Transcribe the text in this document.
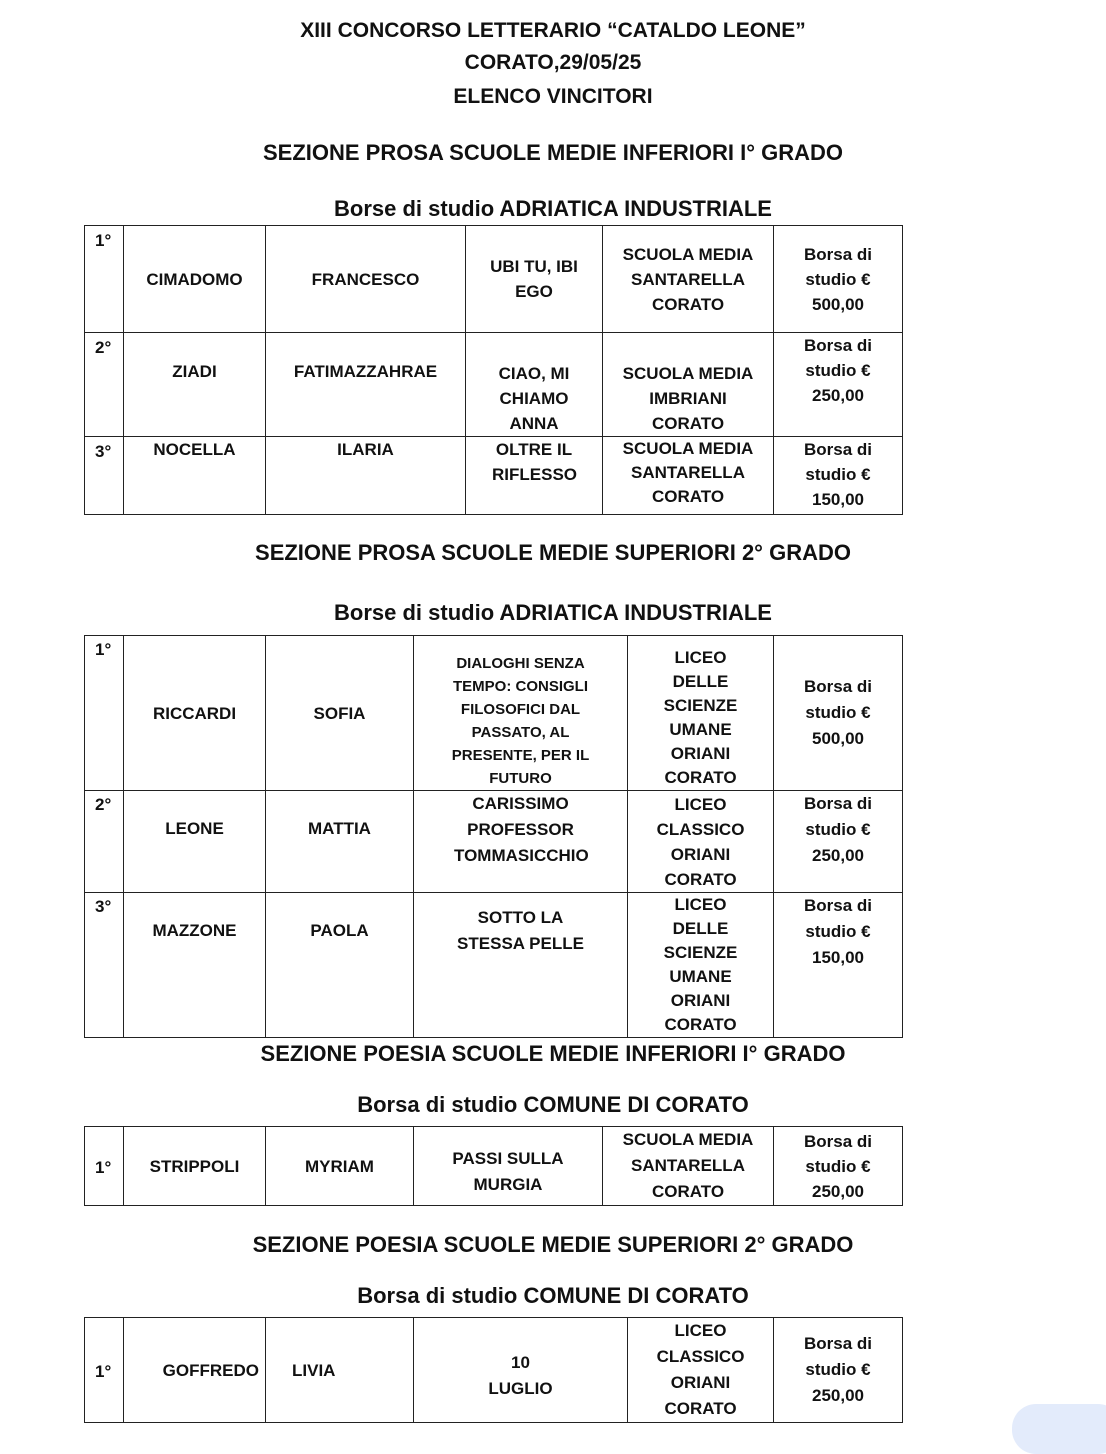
XIII CONCORSO LETTERARIO “CATALDO LEONE”
CORATO,29/05/25
ELENCO VINCITORI
SEZIONE PROSA SCUOLE MEDIE INFERIORI I° GRADO
Borse di studio ADRIATICA INDUSTRIALE
1°	CIMADOMO	FRANCESCO	UBI TU, IBI EGO	SCUOLA MEDIA SANTARELLA CORATO	Borsa di studio € 500,00
2°	ZIADI	FATIMAZZAHRAE	CIAO, MI CHIAMO ANNA	SCUOLA MEDIA IMBRIANI CORATO	Borsa di studio € 250,00
3°	NOCELLA	ILARIA	OLTRE IL RIFLESSO	SCUOLA MEDIA SANTARELLA CORATO	Borsa di studio € 150,00
SEZIONE PROSA SCUOLE MEDIE SUPERIORI 2° GRADO
Borse di studio ADRIATICA INDUSTRIALE
1°	RICCARDI	SOFIA	DIALOGHI SENZA TEMPO: CONSIGLI FILOSOFICI DAL PASSATO, AL PRESENTE, PER IL FUTURO	LICEO DELLE SCIENZE UMANE ORIANI CORATO	Borsa di studio € 500,00
2°	LEONE	MATTIA	CARISSIMO PROFESSOR TOMMASICCHIO	LICEO CLASSICO ORIANI CORATO	Borsa di studio € 250,00
3°	MAZZONE	PAOLA	SOTTO LA STESSA PELLE	LICEO DELLE SCIENZE UMANE ORIANI CORATO	Borsa di studio € 150,00
SEZIONE POESIA SCUOLE MEDIE INFERIORI I° GRADO
Borsa di studio COMUNE DI CORATO
1°	STRIPPOLI	MYRIAM	PASSI SULLA MURGIA	SCUOLA MEDIA SANTARELLA CORATO	Borsa di studio € 250,00
SEZIONE POESIA SCUOLE MEDIE SUPERIORI 2° GRADO
Borsa di studio COMUNE DI CORATO
1°	GOFFREDO	LIVIA	10 LUGLIO	LICEO CLASSICO ORIANI CORATO	Borsa di studio € 250,00
